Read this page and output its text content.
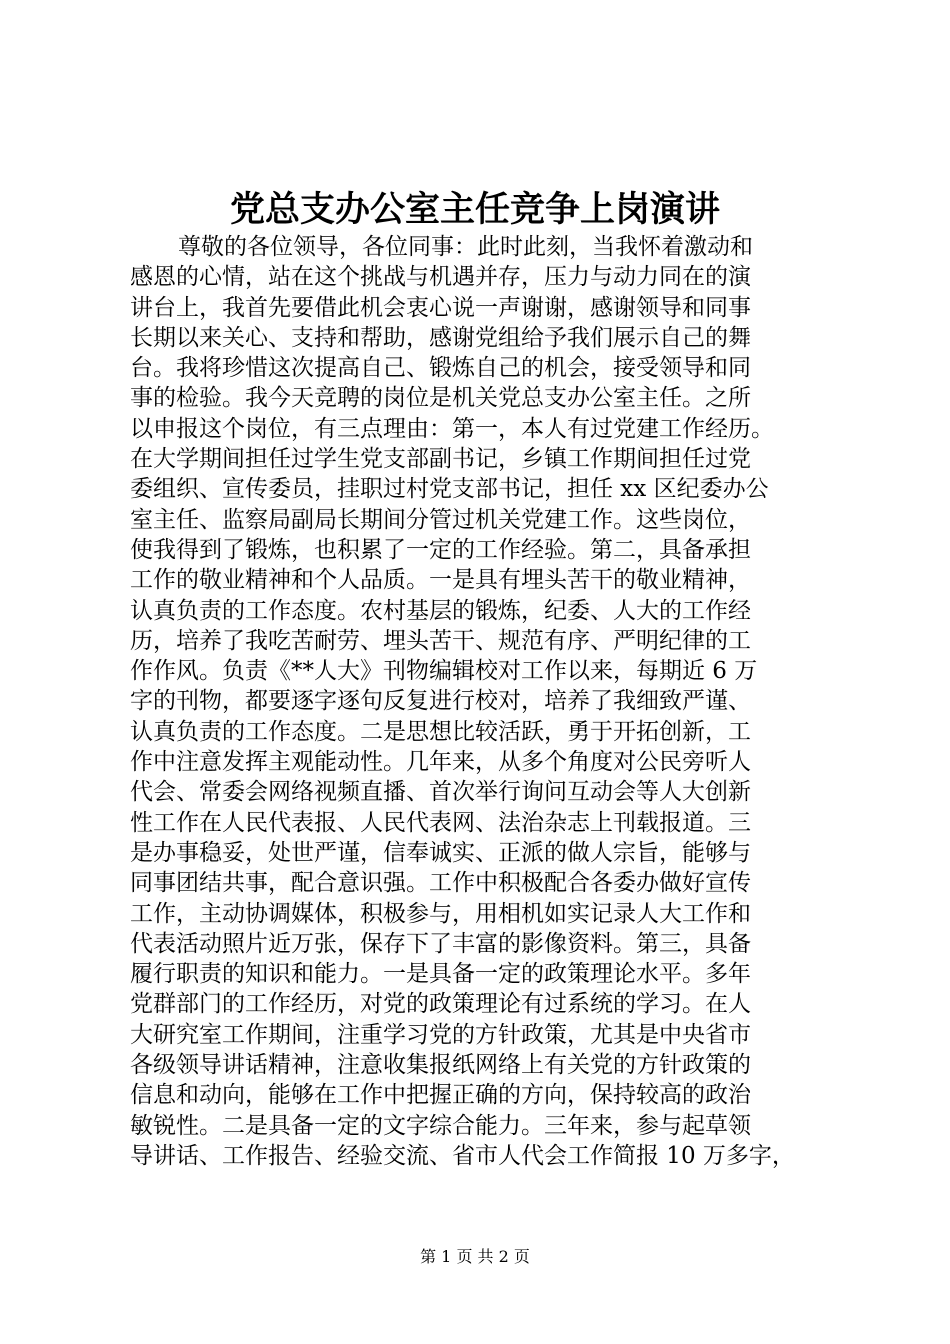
党总支办公室主任竞争上岗演讲
尊敬的各位领导，各位同事：此时此刻，当我怀着激动和
感恩的心情，站在这个挑战与机遇并存，压力与动力同在的演
讲台上，我首先要借此机会衷心说一声谢谢，感谢领导和同事
长期以来关心、支持和帮助，感谢党组给予我们展示自己的舞
台。我将珍惜这次提高自己、锻炼自己的机会，接受领导和同
事的检验。我今天竞聘的岗位是机关党总支办公室主任。之所
以申报这个岗位，有三点理由：第一，本人有过党建工作经历。
在大学期间担任过学生党支部副书记，乡镇工作期间担任过党
委组织、宣传委员，挂职过村党支部书记，担任 xx 区纪委办公
室主任、监察局副局长期间分管过机关党建工作。这些岗位，
使我得到了锻炼，也积累了一定的工作经验。第二，具备承担
工作的敬业精神和个人品质。一是具有埋头苦干的敬业精神，
认真负责的工作态度。农村基层的锻炼，纪委、人大的工作经
历，培养了我吃苦耐劳、埋头苦干、规范有序、严明纪律的工
作作风。负责《**人大》刊物编辑校对工作以来，每期近 6 万
字的刊物，都要逐字逐句反复进行校对，培养了我细致严谨、
认真负责的工作态度。二是思想比较活跃，勇于开拓创新，工
作中注意发挥主观能动性。几年来，从多个角度对公民旁听人
代会、常委会网络视频直播、首次举行询问互动会等人大创新
性工作在人民代表报、人民代表网、法治杂志上刊载报道。三
是办事稳妥，处世严谨，信奉诚实、正派的做人宗旨，能够与
同事团结共事，配合意识强。工作中积极配合各委办做好宣传
工作，主动协调媒体，积极参与，用相机如实记录人大工作和
代表活动照片近万张，保存下了丰富的影像资料。第三，具备
履行职责的知识和能力。一是具备一定的政策理论水平。多年
党群部门的工作经历，对党的政策理论有过系统的学习。在人
大研究室工作期间，注重学习党的方针政策，尤其是中央省市
各级领导讲话精神，注意收集报纸网络上有关党的方针政策的
信息和动向，能够在工作中把握正确的方向，保持较高的政治
敏锐性。二是具备一定的文字综合能力。三年来，参与起草领
导讲话、工作报告、经验交流、省市人代会工作简报 10 万多字，
第 1 页 共 2 页
